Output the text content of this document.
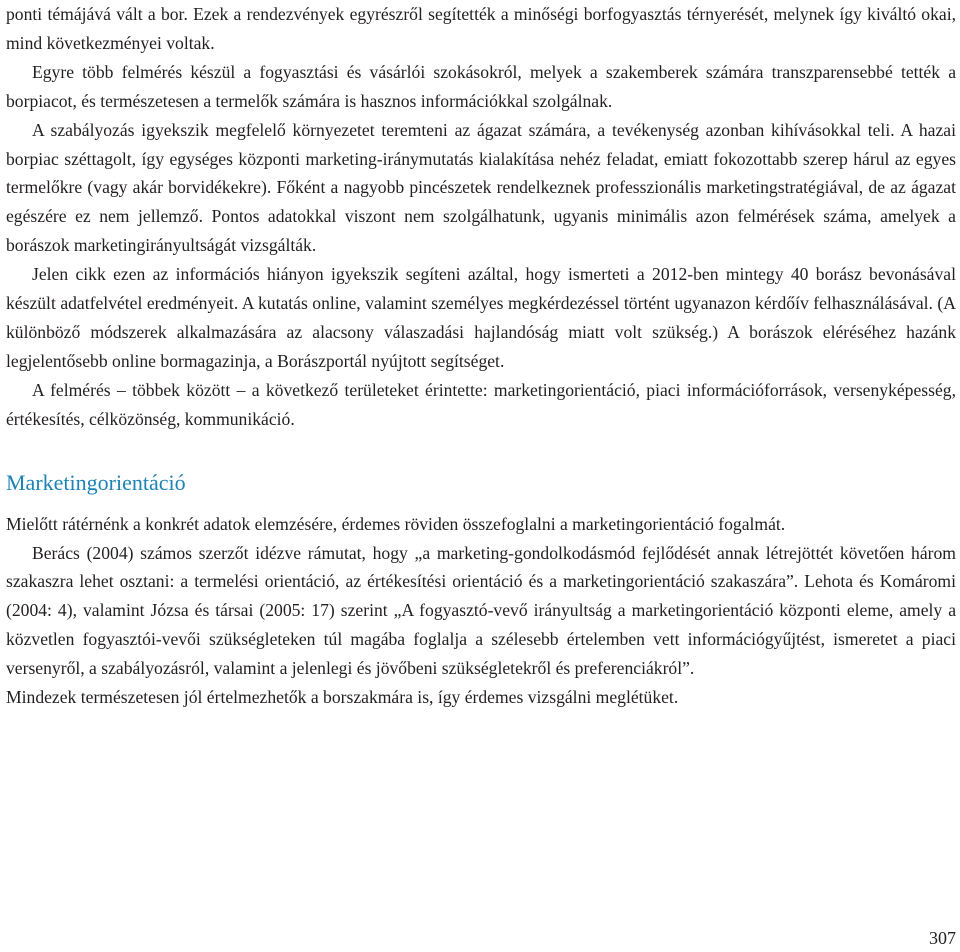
ponti témájává vált a bor. Ezek a rendezvények egyrészről segítették a minőségi borfogyasztás térnyerését, melynek így kiváltó okai, mind következményei voltak.

Egyre több felmérés készül a fogyasztási és vásárlói szokásokról, melyek a szakemberek számára transzparensebbé tették a borpiacot, és természetesen a termelők számára is hasznos információkkal szolgálnak.

A szabályozás igyekszik megfelelő környezetet teremteni az ágazat számára, a tevékenység azonban kihívásokkal teli. A hazai borpiac széttagolt, így egységes központi marketing-iránymutatás kialakítása nehéz feladat, emiatt fokozottabb szerep hárul az egyes termelőkre (vagy akár borvidékekre). Főként a nagyobb pincészetek rendelkeznek professzionális marketingstratégiával, de az ágazat egészére ez nem jellemző. Pontos adatokkal viszont nem szolgálhatunk, ugyanis minimális azon felmérések száma, amelyek a borászok marketingirányultságát vizsgálták.

Jelen cikk ezen az információs hiányon igyekszik segíteni azáltal, hogy ismerteti a 2012-ben mintegy 40 borász bevonásával készült adatfelvétel eredményeit. A kutatás online, valamint személyes megkérdezéssel történt ugyanazon kérdőív felhasználásával. (A különböző módszerek alkalmazására az alacsony válaszadási hajlandóság miatt volt szükség.) A borászok eléréséhez hazánk legjelentősebb online bormagazinja, a Borászportál nyújtott segítséget.

A felmérés – többek között – a következő területeket érintette: marketingorientáció, piaci információforrások, versenyképesség, értékesítés, célközönség, kommunikáció.

Marketingorientáció

Mielőtt rátérnénk a konkrét adatok elemzésére, érdemes röviden összefoglalni a marketingorientáció fogalmát.

Berács (2004) számos szerzőt idézve rámutat, hogy „a marketing-gondolkodásmód fejlődését annak létrejöttét követően három szakaszra lehet osztani: a termelési orientáció, az értékesítési orientáció és a marketingorientáció szakaszára”. Lehota és Komáromi (2004: 4), valamint Józsa és társai (2005: 17) szerint „A fogyasztó-vevő irányultság a marketingorientáció központi eleme, amely a közvetlen fogyasztói-vevői szükségleteken túl magába foglalja a szélesebb értelemben vett információgyűjtést, ismeretet a piaci versenyről, a szabályozásról, valamint a jelenlegi és jövőbeni szükségletekről és preferenciákról”.

Mindezek természetesen jól értelmezhetők a borszakmára is, így érdemes vizsgálni meglétüket.

307
